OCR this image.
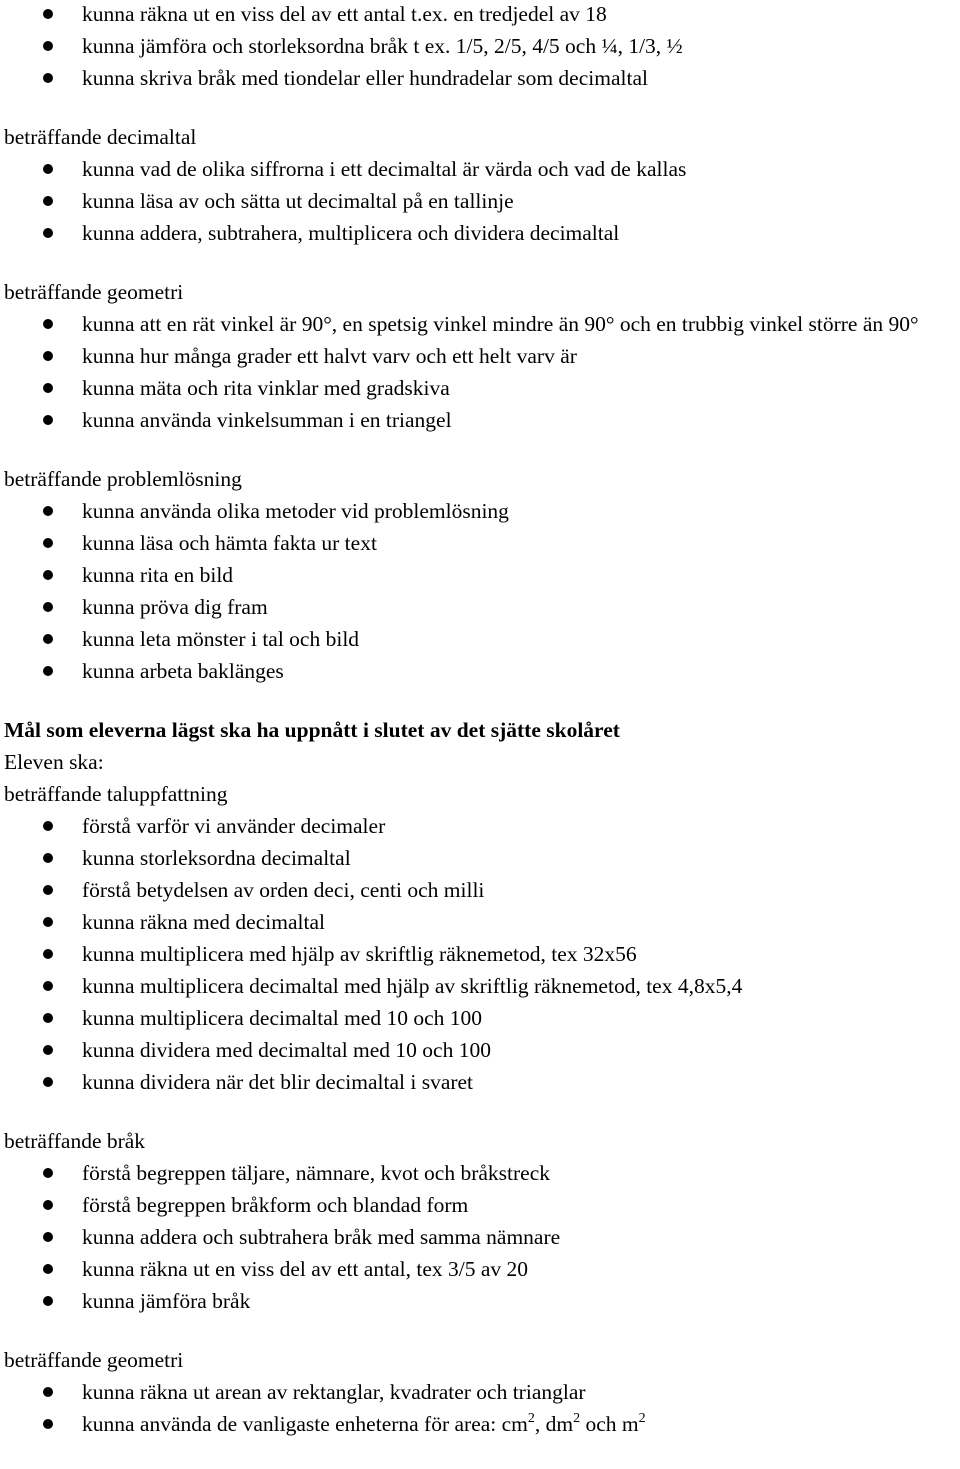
kunna räkna ut en viss del av ett antal t.ex. en tredjedel av 18
kunna jämföra och storleksordna bråk t ex. 1/5, 2/5, 4/5 och ¼, 1/3, ½
kunna skriva bråk med tiondelar eller hundradelar som decimaltal
beträffande decimaltal
kunna vad de olika siffrorna i ett decimaltal är värda och vad de kallas
kunna läsa av och sätta ut decimaltal på en tallinje
kunna addera, subtrahera, multiplicera och dividera decimaltal
beträffande geometri
kunna att en rät vinkel är 90°, en spetsig vinkel mindre än 90° och en trubbig vinkel större än 90°
kunna hur många grader ett halvt varv och ett helt varv är
kunna mäta och rita vinklar med gradskiva
kunna använda vinkelsumman i en triangel
beträffande problemlösning
kunna använda olika metoder vid problemlösning
kunna läsa och hämta fakta ur text
kunna rita en bild
kunna pröva dig fram
kunna leta mönster i tal och bild
kunna arbeta baklänges
Mål som eleverna lägst ska ha uppnått i slutet av det sjätte skolåret
Eleven ska:
beträffande taluppfattning
förstå varför vi använder decimaler
kunna storleksordna decimaltal
förstå betydelsen av orden deci, centi och milli
kunna räkna med decimaltal
kunna multiplicera med hjälp av skriftlig räknemetod, tex 32x56
kunna multiplicera decimaltal med hjälp av skriftlig räknemetod, tex 4,8x5,4
kunna multiplicera decimaltal med 10 och 100
kunna dividera med decimaltal med 10 och 100
kunna dividera när det blir decimaltal i svaret
beträffande bråk
förstå begreppen täljare, nämnare, kvot och bråkstreck
förstå begreppen bråkform och blandad form
kunna addera och subtrahera bråk med samma nämnare
kunna räkna ut en viss del av ett antal, tex 3/5 av 20
kunna jämföra bråk
beträffande geometri
kunna räkna ut arean av rektanglar, kvadrater och trianglar
kunna använda de vanligaste enheterna för area: $cm^2$, $dm^2$ och $m^2$
